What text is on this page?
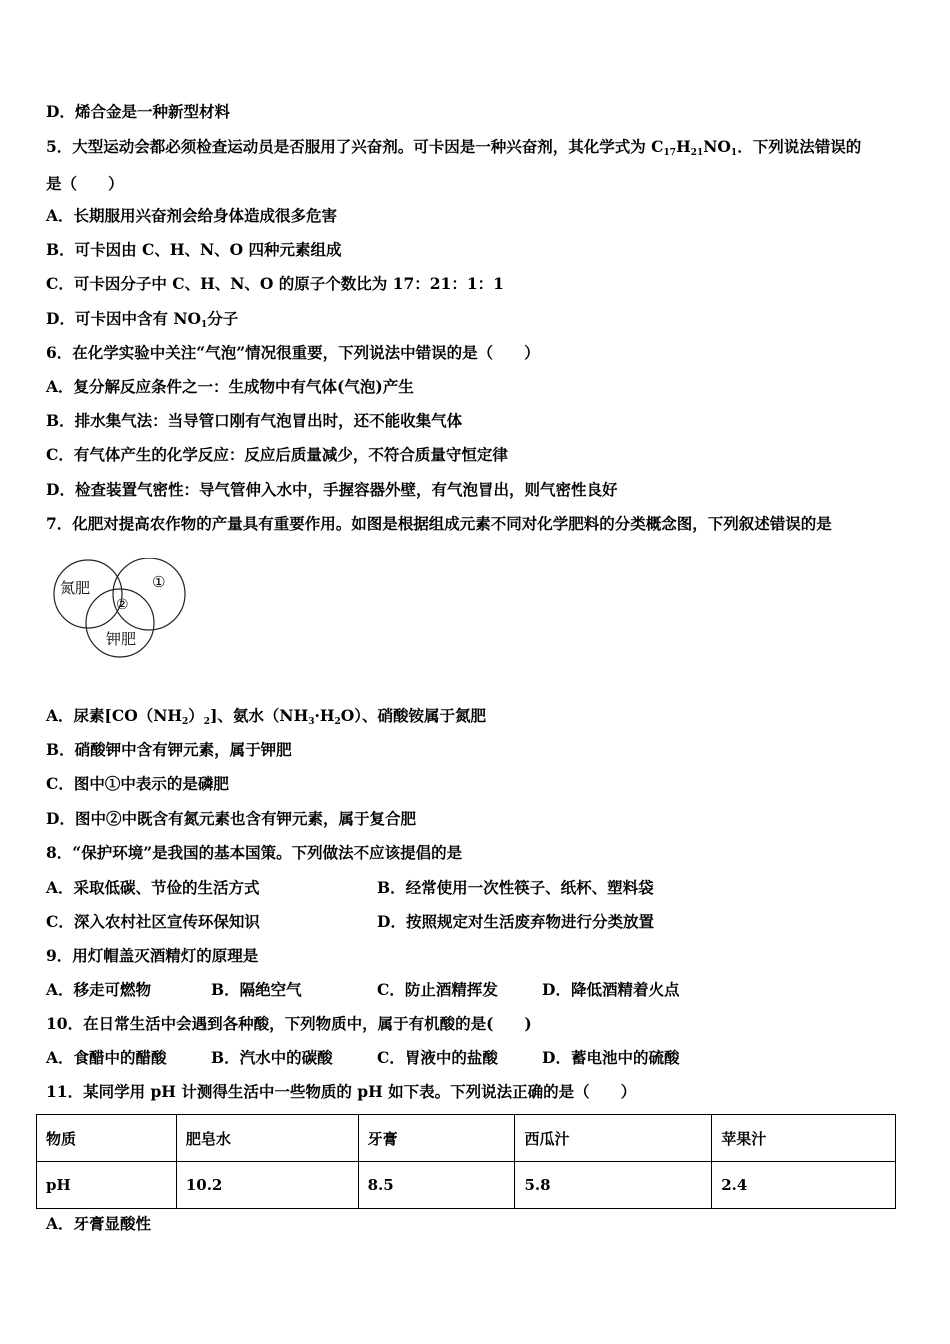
D．烯合金是一种新型材料
5．大型运动会都必须检查运动员是否服用了兴奋剂。可卡因是一种兴奋剂，其化学式为 $C_{17}H_{21}NO_1$．下列说法错误的
是（　　）
A．长期服用兴奋剂会给身体造成很多危害
B．可卡因由 C、H、N、O 四种元素组成
C．可卡因分子中 C、H、N、O 的原子个数比为 17：21：1：1
D．可卡因中含有 $NO_1$分子
6．在化学实验中关注“气泡”情况很重要，下列说法中错误的是（　　）
A．复分解反应条件之一：生成物中有气体(气泡)产生
B．排水集气法：当导管口刚有气泡冒出时，还不能收集气体
C．有气体产生的化学反应：反应后质量减少，不符合质量守恒定律
D．检查装置气密性：导气管伸入水中，手握容器外壁，有气泡冒出，则气密性良好
7．化肥对提高农作物的产量具有重要作用。如图是根据组成元素不同对化学肥料的分类概念图，下列叙述错误的是
氮肥	①
②
钾肥
A．尿素$[CO(NH_2)_2]$、氨水$(NH_3\cdot H_2O)$、硝酸铵属于氮肥
B．硝酸钾中含有钾元素，属于钾肥
C．图中①中表示的是磷肥
D．图中②中既含有氮元素也含有钾元素，属于复合肥
8．“保护环境”是我国的基本国策。下列做法不应该提倡的是
A．采取低碳、节俭的生活方式	B．经常使用一次性筷子、纸杯、塑料袋
C．深入农村社区宣传环保知识	D．按照规定对生活废弃物进行分类放置
9．用灯帽盖灭酒精灯的原理是
A．移走可燃物	B．隔绝空气	C．防止酒精挥发	D．降低酒精着火点
10．在日常生活中会遇到各种酸，下列物质中，属于有机酸的是(　　)
A．食醋中的醋酸	B．汽水中的碳酸	C．胃液中的盐酸	D．蓄电池中的硫酸
11．某同学用 pH 计测得生活中一些物质的 pH 如下表。下列说法正确的是（　　）
物质	肥皂水	牙膏	西瓜汁	苹果汁
pH	10.2	8.5	5.8	2.4
A．牙膏显酸性
